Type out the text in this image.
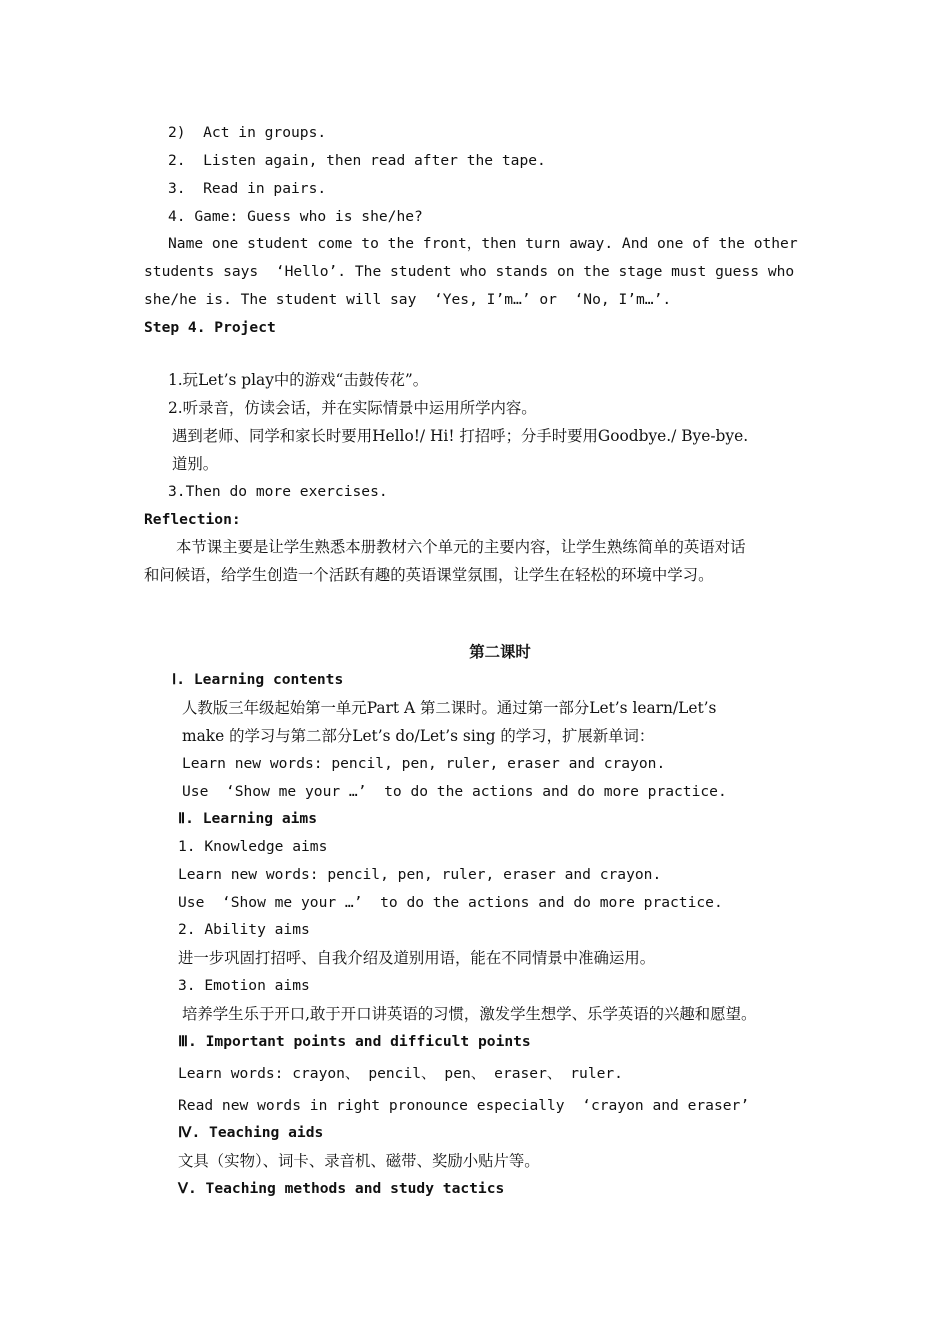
2)  Act in groups.
2.  Listen again, then read after the tape.
3.  Read in pairs.
4. Game: Guess who is she/he?
Name one student come to the front，then turn away. And one of the other
students says  ‘Hello’. The student who stands on the stage must guess who
she/he is. The student will say  ‘Yes, I’m…’ or  ‘No, I’m…’.
Step 4. Project
1.玩Let’s play中的游戏“击鼓传花”。
2.听录音，仿读会话，并在实际情景中运用所学内容。
遇到老师、同学和家长时要用Hello!/ Hi! 打招呼；分手时要用Goodbye./ Bye-bye.
道别。
3.Then do more exercises.
Reflection:
本节课主要是让学生熟悉本册教材六个单元的主要内容，让学生熟练简单的英语对话
和问候语，给学生创造一个活跃有趣的英语课堂氛围，让学生在轻松的环境中学习。
第二课时
Ⅰ. Learning contents
人教版三年级起始第一单元Part A 第二课时。通过第一部分Let’s learn/Let’s
make 的学习与第二部分Let’s do/Let’s sing 的学习，扩展新单词：
Learn new words: pencil, pen, ruler, eraser and crayon.
Use  ‘Show me your …’  to do the actions and do more practice.
Ⅱ. Learning aims
1. Knowledge aims
Learn new words: pencil, pen, ruler, eraser and crayon.
Use  ‘Show me your …’  to do the actions and do more practice.
2. Ability aims
进一步巩固打招呼、自我介绍及道别用语，能在不同情景中准确运用。
3. Emotion aims
培养学生乐于开口,敢于开口讲英语的习惯，激发学生想学、乐学英语的兴趣和愿望。
Ⅲ. Important points and difficult points
Learn words: crayon、 pencil、 pen、 eraser、 ruler.
Read new words in right pronounce especially  ‘crayon and eraser’
Ⅳ. Teaching aids
文具（实物）、词卡、录音机、磁带、奖励小贴片等。
Ⅴ. Teaching methods and study tactics
